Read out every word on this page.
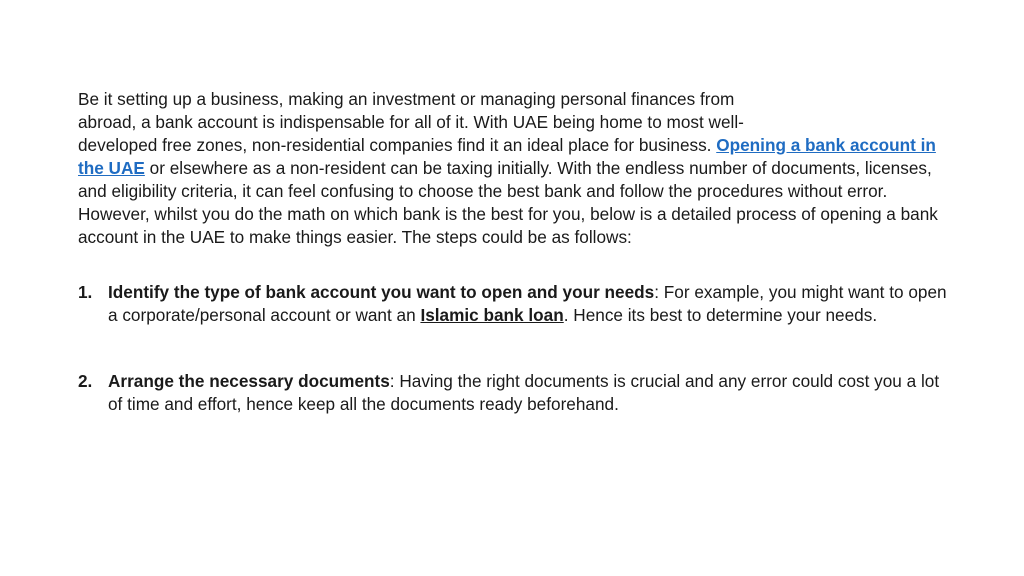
Be it setting up a business, making an investment or managing personal finances from
abroad, a bank account is indispensable for all of it. With UAE being home to most well-
developed free zones, non-residential companies find it an ideal place for business. Opening a bank account in the UAE or elsewhere as a non-resident can be taxing initially. With the endless number of documents, licenses, and eligibility criteria, it can feel confusing to choose the best bank and follow the procedures without error. However, whilst you do the math on which bank is the best for you, below is a detailed process of opening a bank account in the UAE to make things easier. The steps could be as follows:

1. Identify the type of bank account you want to open and your needs: For example, you might want to open a corporate/personal account or want an Islamic bank loan. Hence its best to determine your needs.
2. Arrange the necessary documents: Having the right documents is crucial and any error could cost you a lot of time and effort, hence keep all the documents ready beforehand.
